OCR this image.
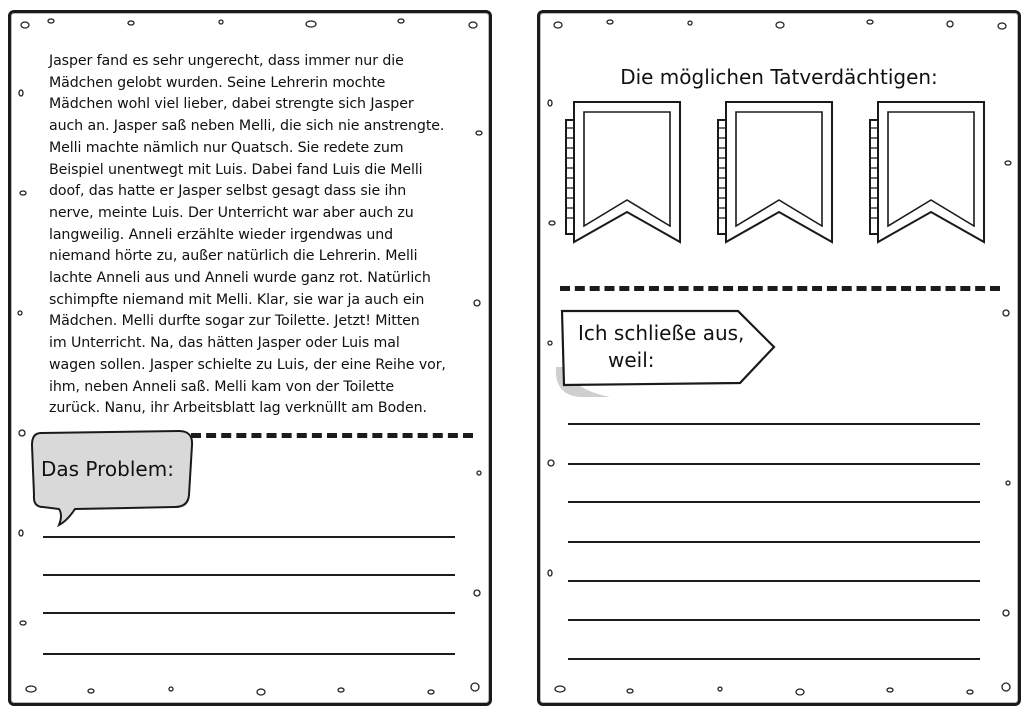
Jasper fand es sehr ungerecht, dass immer nur die
Mädchen gelobt wurden. Seine Lehrerin mochte
Mädchen wohl viel lieber, dabei strengte sich Jasper
auch an. Jasper saß neben Melli, die sich nie anstrengte.
Melli machte nämlich nur Quatsch. Sie redete zum
Beispiel unentwegt mit Luis. Dabei fand Luis die Melli
doof, das hatte er Jasper selbst gesagt dass sie ihn
nerve, meinte Luis. Der Unterricht war aber auch zu
langweilig. Anneli erzählte wieder irgendwas und
niemand hörte zu, außer natürlich die Lehrerin. Melli
lachte Anneli aus und Anneli wurde ganz rot. Natürlich
schimpfte niemand mit Melli. Klar, sie war ja auch ein
Mädchen. Melli durfte sogar zur Toilette. Jetzt! Mitten
im Unterricht. Na, das hätten Jasper oder Luis mal
wagen sollen. Jasper schielte zu Luis, der eine Reihe vor,
ihm, neben Anneli saß. Melli kam von der Toilette
zurück. Nanu, ihr Arbeitsblatt lag verknüllt am Boden.
Das Problem:
Die möglichen Tatverdächtigen:
Ich schließe aus,
weil:
